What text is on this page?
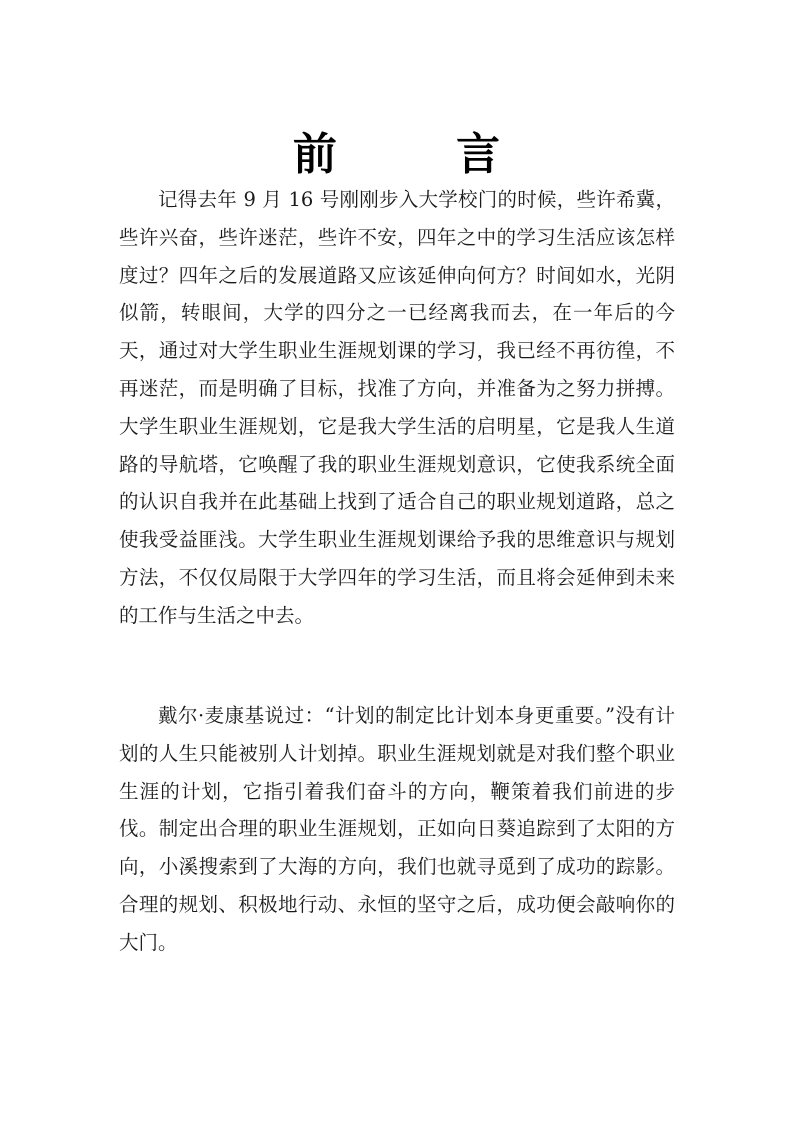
前 言

记得去年 9 月 16 号刚刚步入大学校门的时候，些许希冀，些许兴奋，些许迷茫，些许不安，四年之中的学习生活应该怎样度过？四年之后的发展道路又应该延伸向何方？时间如水，光阴似箭，转眼间，大学的四分之一已经离我而去，在一年后的今天，通过对大学生职业生涯规划课的学习，我已经不再彷徨，不再迷茫，而是明确了目标，找准了方向，并准备为之努力拼搏。大学生职业生涯规划，它是我大学生活的启明星，它是我人生道路的导航塔，它唤醒了我的职业生涯规划意识，它使我系统全面的认识自我并在此基础上找到了适合自己的职业规划道路，总之使我受益匪浅。大学生职业生涯规划课给予我的思维意识与规划方法，不仅仅局限于大学四年的学习生活，而且将会延伸到未来的工作与生活之中去。

戴尔·麦康基说过：“计划的制定比计划本身更重要。”没有计划的人生只能被别人计划掉。职业生涯规划就是对我们整个职业生涯的计划，它指引着我们奋斗的方向，鞭策着我们前进的步伐。制定出合理的职业生涯规划，正如向日葵追踪到了太阳的方向，小溪搜索到了大海的方向，我们也就寻觅到了成功的踪影。合理的规划、积极地行动、永恒的坚守之后，成功便会敲响你的大门。
